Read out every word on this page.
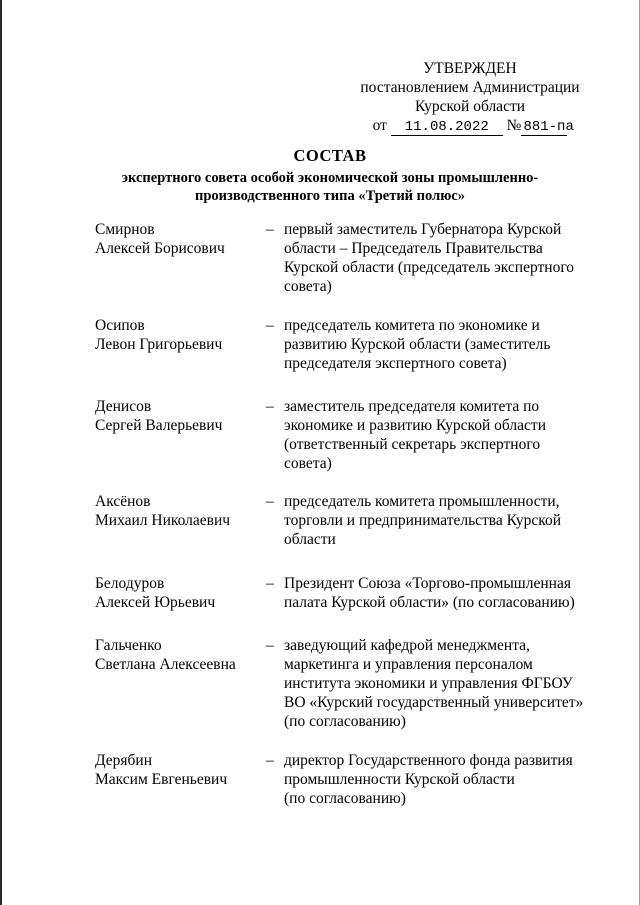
УТВЕРЖДЕН
постановлением Администрации
Курской области
от 11.08.2022 № 881-па
СОСТАВ
экспертного совета особой экономической зоны промышленно-
производственного типа «Третий полюс»
Смирнов
Алексей Борисович
– первый заместитель Губернатора Курской
области – Председатель Правительства
Курской области (председатель экспертного
совета)
Осипов
Левон Григорьевич
– председатель комитета по экономике и
развитию Курской области (заместитель
председателя экспертного совета)
Денисов
Сергей Валерьевич
– заместитель председателя комитета по
экономике и развитию Курской области
(ответственный секретарь экспертного
совета)
Аксёнов
Михаил Николаевич
– председатель комитета промышленности,
торговли и предпринимательства Курской
области
Белодуров
Алексей Юрьевич
– Президент Союза «Торгово-промышленная
палата Курской области» (по согласованию)
Гальченко
Светлана Алексеевна
– заведующий кафедрой менеджмента,
маркетинга и управления персоналом
института экономики и управления ФГБОУ
ВО «Курский государственный университет»
(по согласованию)
Дерябин
Максим Евгеньевич
– директор Государственного фонда развития
промышленности Курской области
(по согласованию)
